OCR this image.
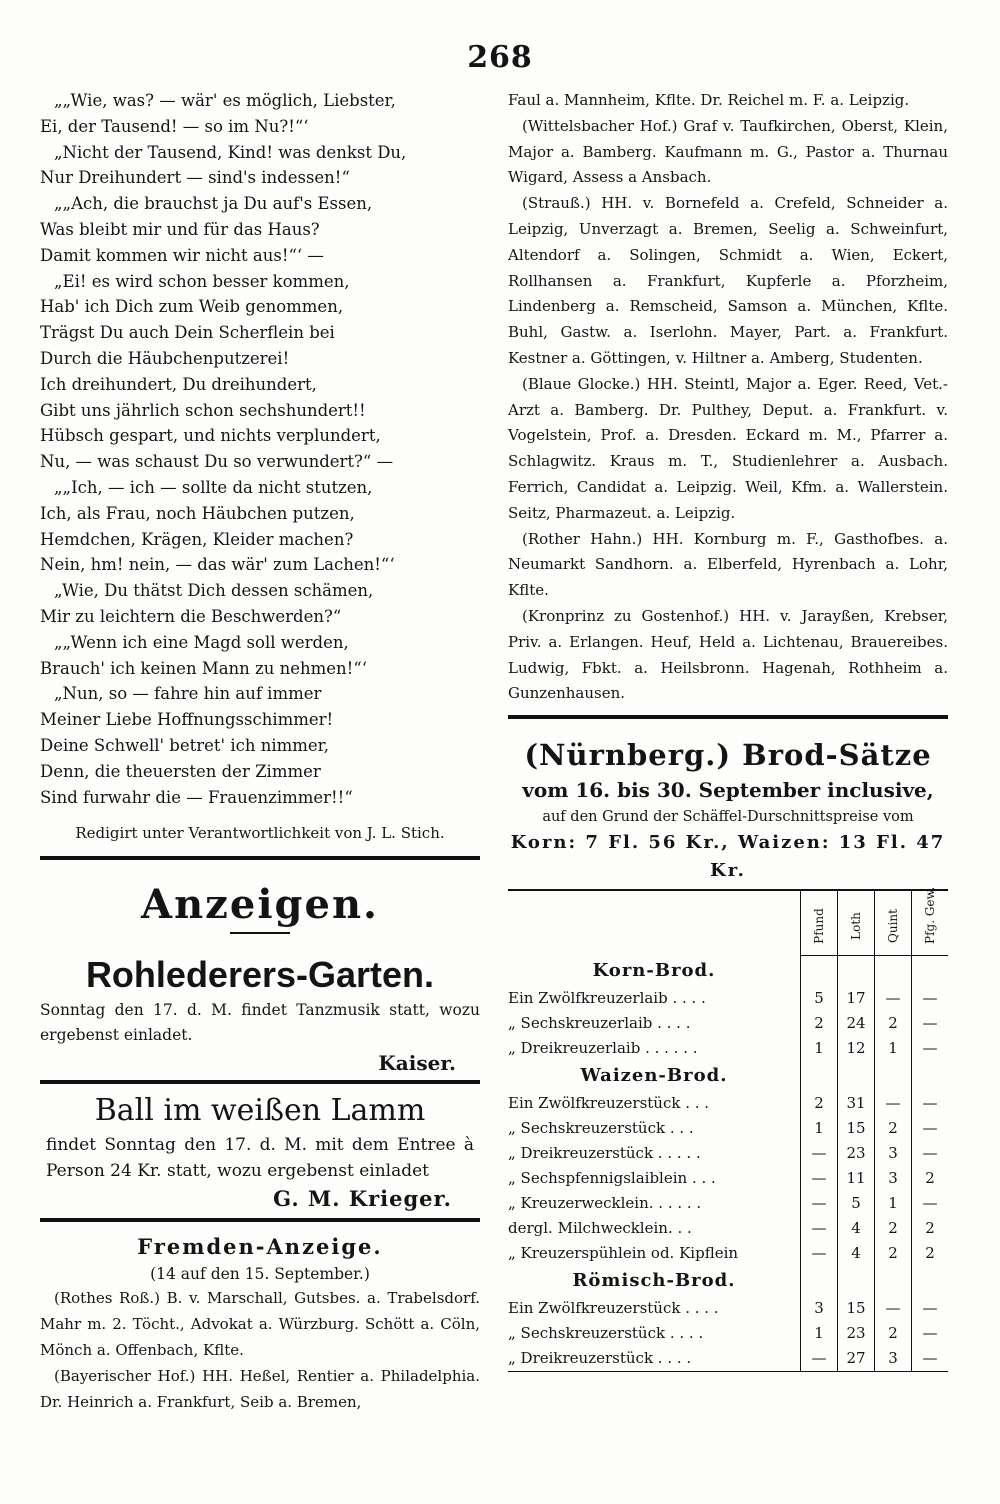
268
„„Wie, was? — wär' es möglich, Liebster,
Ei, der Tausend! — so im Nu?!“‘
„Nicht der Tausend, Kind! was denkst Du,
Nur Dreihundert — sind's indessen!“
„„Ach, die brauchst ja Du auf's Essen,
Was bleibt mir und für das Haus?
Damit kommen wir nicht aus!“‘ —
„Ei! es wird schon besser kommen,
Hab' ich Dich zum Weib genommen,
Trägst Du auch Dein Scherflein bei
Durch die Häubchenputzerei!
Ich dreihundert, Du dreihundert,
Gibt uns jährlich schon sechshundert!!
Hübsch gespart, und nichts verplundert,
Nu, — was schaust Du so verwundert?“ —
„„Ich, — ich — sollte da nicht stutzen,
Ich, als Frau, noch Häubchen putzen,
Hemdchen, Krägen, Kleider machen?
Nein, hm! nein, — das wär' zum Lachen!“‘
„Wie, Du thätst Dich dessen schämen,
Mir zu leichtern die Beschwerden?“
„„Wenn ich eine Magd soll werden,
Brauch' ich keinen Mann zu nehmen!“‘
„Nun, so — fahre hin auf immer
Meiner Liebe Hoffnungsschimmer!
Deine Schwell' betret' ich nimmer,
Denn, die theuersten der Zimmer
Sind furwahr die — Frauenzimmer!!“
Redigirt unter Verantwortlichkeit von J. L. Stich.
Anzeigen.
Rohlederers-Garten.
Sonntag den 17. d. M. findet Tanzmusik statt, wozu ergebenst einladet.
Kaiser.
Ball im weißen Lamm
findet Sonntag den 17. d. M. mit dem Entree à Person 24 Kr. statt, wozu ergebenst einladet
G. M. Krieger.
Fremden-Anzeige.
(14 auf den 15. September.)
(Rothes Roß.) B. v. Marschall, Gutsbes. a. Trabelsdorf. Mahr m. 2. Töcht., Advokat a. Würzburg. Schött a. Cöln, Mönch a. Offenbach, Kflte.
(Bayerischer Hof.) HH. Heßel, Rentier a. Philadelphia. Dr. Heinrich a. Frankfurt, Seib a. Bremen,
Faul a. Mannheim, Kflte. Dr. Reichel m. F. a. Leipzig.
(Wittelsbacher Hof.) Graf v. Taufkirchen, Oberst, Klein, Major a. Bamberg. Kaufmann m. G., Pastor a. Thurnau Wigard, Assess a Ansbach.
(Strauß.) HH. v. Bornefeld a. Crefeld, Schneider a. Leipzig, Unverzagt a. Bremen, Seelig a. Schweinfurt, Altendorf a. Solingen, Schmidt a. Wien, Eckert, Rollhansen a. Frankfurt, Kupferle a. Pforzheim, Lindenberg a. Remscheid, Samson a. München, Kflte. Buhl, Gastw. a. Iserlohn. Mayer, Part. a. Frankfurt. Kestner a. Göttingen, v. Hiltner a. Amberg, Studenten.
(Blaue Glocke.) HH. Steintl, Major a. Eger. Reed, Vet.-Arzt a. Bamberg. Dr. Pulthey, Deput. a. Frankfurt. v. Vogelstein, Prof. a. Dresden. Eckard m. M., Pfarrer a. Schlagwitz. Kraus m. T., Studienlehrer a. Ausbach. Ferrich, Candidat a. Leipzig. Weil, Kfm. a. Wallerstein. Seitz, Pharmazeut. a. Leipzig.
(Rother Hahn.) HH. Kornburg m. F., Gasthofbes. a. Neumarkt Sandhorn. a. Elberfeld, Hyrenbach a. Lohr, Kflte.
(Kronprinz zu Gostenhof.) HH. v. Jarayßen, Krebser, Priv. a. Erlangen. Heuf, Held a. Lichtenau, Brauereibes. Ludwig, Fbkt. a. Heilsbronn. Hagenah, Rothheim a. Gunzenhausen.
(Nürnberg.) Brod-Sätze
vom 16. bis 30. September inclusive,
auf den Grund der Schäffel-Durschnittspreise vom
Korn: 7 Fl. 56 Kr., Waizen: 13 Fl. 47 Kr.

	Pfund	Loth	Quint	Pfg. Gew.

Korn-Brod.				
Ein Zwölfkreuzerlaib . . . .	5	17	—	—
„ Sechskreuzerlaib . . . .	2	24	2	—
„ Dreikreuzerlaib . . . . . .	1	12	1	—
Waizen-Brod.				
Ein Zwölfkreuzerstück . . .	2	31	—	—
„ Sechskreuzerstück . . .	1	15	2	—
„ Dreikreuzerstück . . . . .	—	23	3	—
„ Sechspfennigslaiblein . . .	—	11	3	2
„ Kreuzerwecklein. . . . . .	—	5	1	—
dergl. Milchwecklein. . .	—	4	2	2
„ Kreuzerspühlein od. Kipflein	—	4	2	2
Römisch-Brod.				
Ein Zwölfkreuzerstück . . . .	3	15	—	—
„ Sechskreuzerstück . . . .	1	23	2	—
„ Dreikreuzerstück . . . .	—	27	3	—
